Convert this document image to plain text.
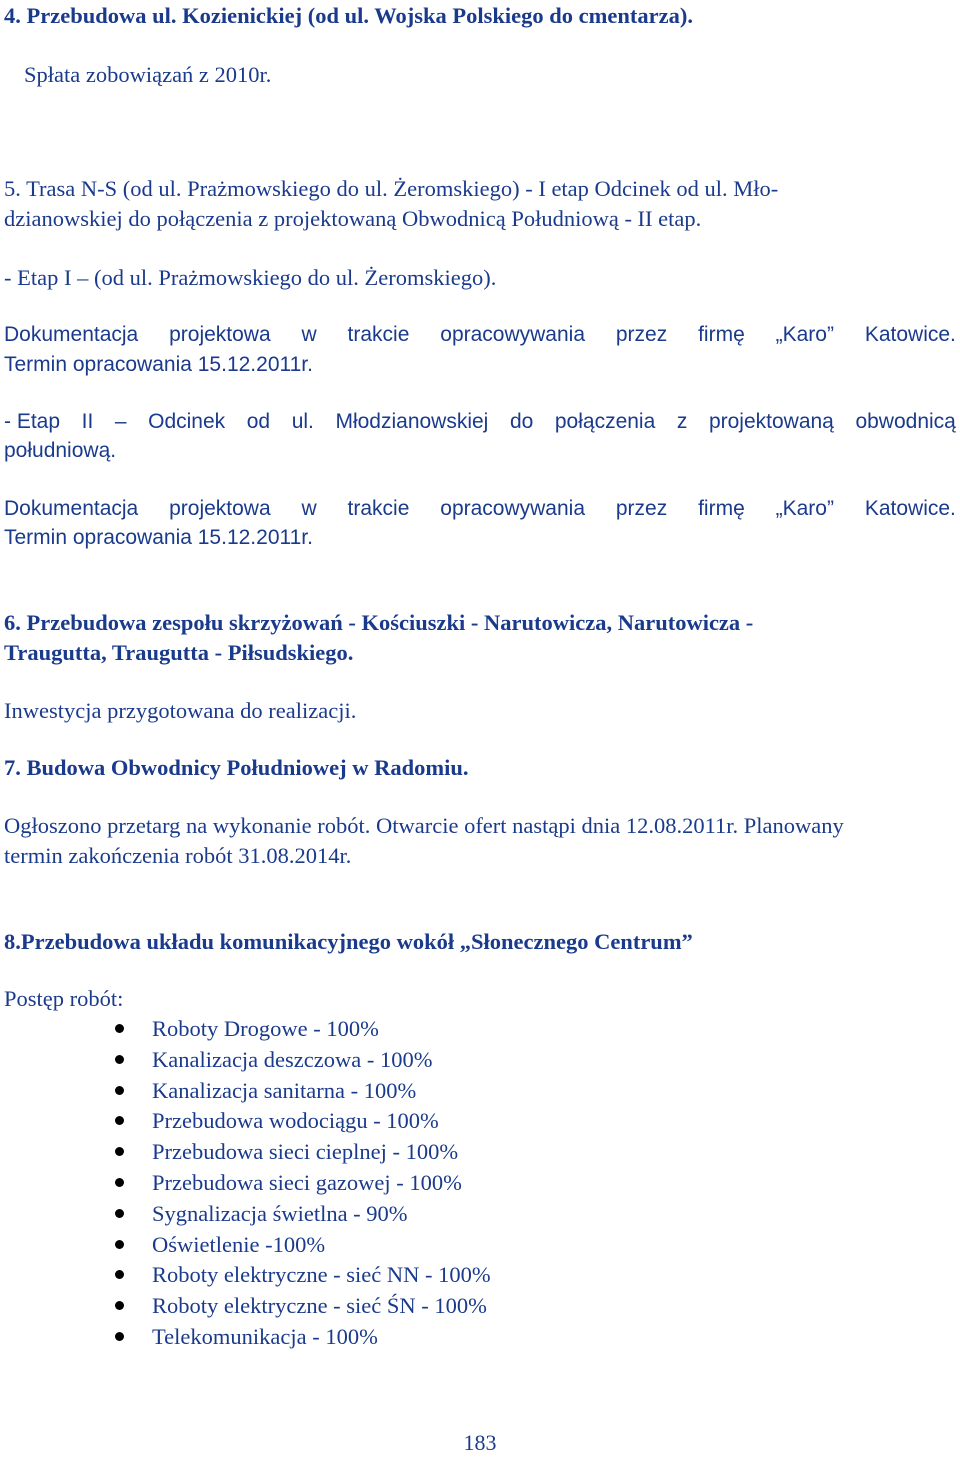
4. Przebudowa ul. Kozienickiej (od ul. Wojska Polskiego do cmentarza).
Spłata zobowiązań z 2010r.
5. Trasa N-S (od ul. Prażmowskiego do ul. Żeromskiego) - I etap Odcinek od ul. Mło-
dzianowskiej do połączenia z projektowaną Obwodnicą Południową - II etap.
- Etap I – (od ul. Prażmowskiego do ul. Żeromskiego).
Dokumentacja projektowa w trakcie opracowywania przez firmę „Karo” Katowice.
Termin opracowania 15.12.2011r.
- Etap II – Odcinek od ul. Młodzianowskiej do połączenia z projektowaną obwodnicą
południową.
Dokumentacja projektowa w trakcie opracowywania przez firmę „Karo” Katowice.
Termin opracowania 15.12.2011r.
6. Przebudowa zespołu skrzyżowań - Kościuszki - Narutowicza, Narutowicza -
Traugutta, Traugutta - Piłsudskiego.
Inwestycja przygotowana do realizacji.
7. Budowa Obwodnicy Południowej w Radomiu.
Ogłoszono przetarg na wykonanie robót. Otwarcie ofert nastąpi dnia 12.08.2011r. Planowany
termin zakończenia robót 31.08.2014r.
8.Przebudowa układu komunikacyjnego wokół „Słonecznego Centrum”
Postęp robót:
Roboty Drogowe - 100%
Kanalizacja deszczowa - 100%
Kanalizacja sanitarna - 100%
Przebudowa wodociągu - 100%
Przebudowa sieci cieplnej - 100%
Przebudowa sieci gazowej - 100%
Sygnalizacja świetlna - 90%
Oświetlenie -100%
Roboty elektryczne - sieć NN - 100%
Roboty elektryczne - sieć ŚN - 100%
Telekomunikacja - 100%
183
